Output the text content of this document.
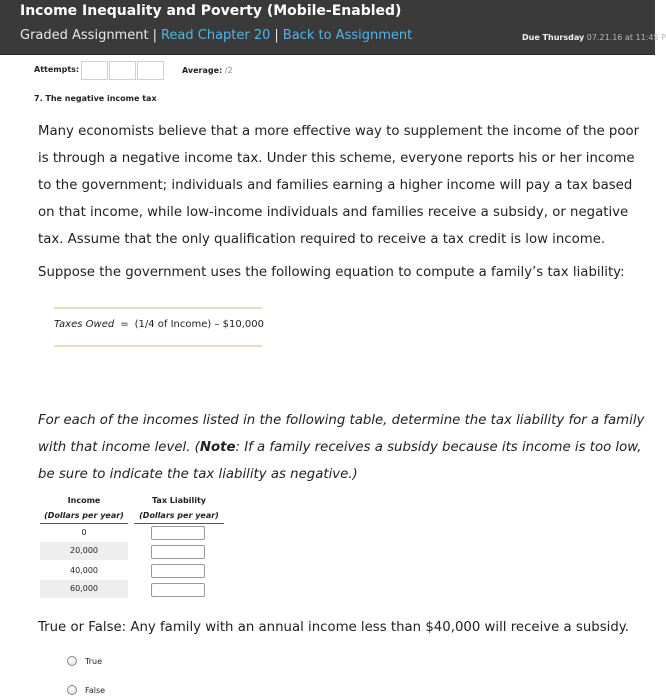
Income Inequality and Poverty (Mobile-Enabled)
Graded Assignment | Read Chapter 20 | Back to Assignment	Due Thursday 07.21.16 at 11:45 P
Attempts:	Average: /2
7. The negative income tax
Many economists believe that a more effective way to supplement the income of the poor is through a negative income tax. Under this scheme, everyone reports his or her income to the government; individuals and families earning a higher income will pay a tax based on that income, while low-income individuals and families receive a subsidy, or negative tax. Assume that the only qualification required to receive a tax credit is low income.
Suppose the government uses the following equation to compute a family’s tax liability:
Taxes Owed = (1/4 of Income) – $10,000
For each of the incomes listed in the following table, determine the tax liability for a family with that income level. (Note: If a family receives a subsidy because its income is too low, be sure to indicate the tax liability as negative.)
Income
(Dollars per year)
Tax Liability
(Dollars per year)
0
20,000
40,000
60,000
True or False: Any family with an annual income less than $40,000 will receive a subsidy.
True
False
